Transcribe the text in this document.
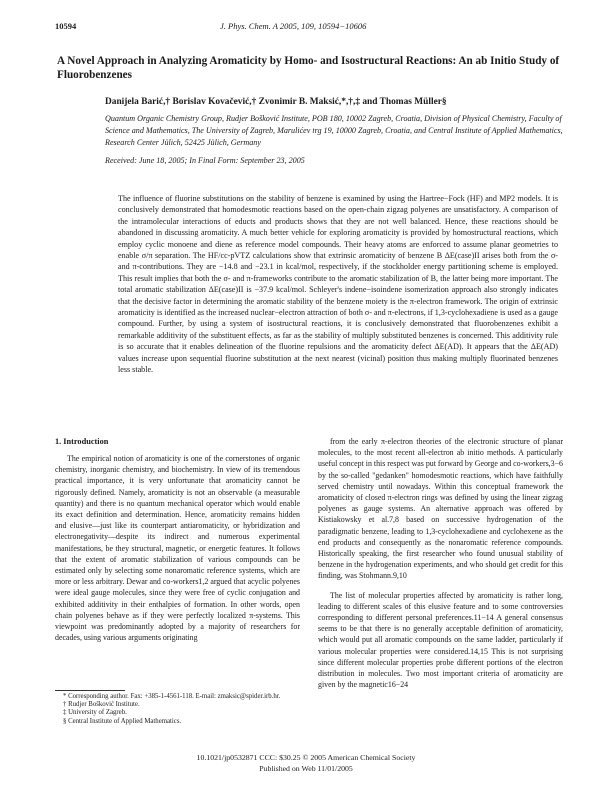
10594	J. Phys. Chem. A 2005, 109, 10594−10606
A Novel Approach in Analyzing Aromaticity by Homo- and Isostructural Reactions: An ab Initio Study of Fluorobenzenes
Danijela Barić,† Borislav Kovačević,† Zvonimir B. Maksić,*,†,‡ and Thomas Müller§

Quantum Organic Chemistry Group, Rudjer Bošković Institute, POB 180, 10002 Zagreb, Croatia, Division of Physical Chemistry, Faculty of Science and Mathematics, The University of Zagreb, Marulićev trg 19, 10000 Zagreb, Croatia, and Central Institute of Applied Mathematics, Research Center Jülich, 52425 Jülich, Germany

Received: June 18, 2005; In Final Form: September 23, 2005

The influence of fluorine substitutions on the stability of benzene is examined by using the Hartree−Fock (HF) and MP2 models. It is conclusively demonstrated that homodesmotic reactions based on the open-chain zigzag polyenes are unsatisfactory. A comparison of the intramolecular interactions of educts and products shows that they are not well balanced. Hence, these reactions should be abandoned in discussing aromaticity. A much better vehicle for exploring aromaticity is provided by homostructural reactions, which employ cyclic monoene and diene as reference model compounds. Their heavy atoms are enforced to assume planar geometries to enable σ/π separation. The HF/cc-pVTZ calculations show that extrinsic aromaticity of benzene B ΔE(case)II arises both from the σ- and π-contributions. They are −14.8 and −23.1 in kcal/mol, respectively, if the stockholder energy partitioning scheme is employed. This result implies that both the σ- and π-frameworks contribute to the aromatic stabilization of B, the latter being more important. The total aromatic stabilization ΔE(case)II is −37.9 kcal/mol. Schleyer's indene−isoindene isomerization approach also strongly indicates that the decisive factor in determining the aromatic stability of the benzene moiety is the π-electron framework. The origin of extrinsic aromaticity is identified as the increased nuclear−electron attraction of both σ- and π-electrons, if 1,3-cyclohexadiene is used as a gauge compound. Further, by using a system of isostructural reactions, it is conclusively demonstrated that fluorobenzenes exhibit a remarkable additivity of the substituent effects, as far as the stability of multiply substituted benzenes is concerned. This additivity rule is so accurate that it enables delineation of the fluorine repulsions and the aromaticity defect ΔE(AD). It appears that the ΔE(AD) values increase upon sequential fluorine substitution at the next nearest (vicinal) position thus making multiply fluorinated benzenes less stable.

1. Introduction

The empirical notion of aromaticity is one of the cornerstones of organic chemistry, inorganic chemistry, and biochemistry. In view of its tremendous practical importance, it is very unfortunate that aromaticity cannot be rigorously defined. Namely, aromaticity is not an observable (a measurable quantity) and there is no quantum mechanical operator which would enable its exact definition and determination. Hence, aromaticity remains hidden and elusive—just like its counterpart antiaromaticity, or hybridization and electronegativity—despite its indirect and numerous experimental manifestations, be they structural, magnetic, or energetic features. It follows that the extent of aromatic stabilization of various compounds can be estimated only by selecting some nonaromatic reference systems, which are more or less arbitrary. Dewar and co-workers1,2 argued that acyclic polyenes were ideal gauge molecules, since they were free of cyclic conjugation and exhibited additivity in their enthalpies of formation. In other words, open chain polyenes behave as if they were perfectly localized π-systems. This viewpoint was predominantly adopted by a majority of researchers for decades, using various arguments originating

from the early π-electron theories of the electronic structure of planar molecules, to the most recent all-electron ab initio methods. A particularly useful concept in this respect was put forward by George and co-workers,3−6 by the so-called "gedanken" homodesmotic reactions, which have faithfully served chemistry until nowadays. Within this conceptual framework the aromaticity of closed π-electron rings was defined by using the linear zigzag polyenes as gauge systems. An alternative approach was offered by Kistiakowsky et al.7,8 based on successive hydrogenation of the paradigmatic benzene, leading to 1,3-cyclohexadiene and cyclohexene as the end products and consequently as the nonaromatic reference compounds. Historically speaking, the first researcher who found unusual stability of benzene in the hydrogenation experiments, and who should get credit for this finding, was Stohmann.9,10

The list of molecular properties affected by aromaticity is rather long, leading to different scales of this elusive feature and to some controversies corresponding to different personal preferences.11−14 A general consensus seems to be that there is no generally acceptable definition of aromaticity, which would put all aromatic compounds on the same ladder, particularly if various molecular properties were considered.14,15 This is not surprising since different molecular properties probe different portions of the electron distribution in molecules. Two most important criteria of aromaticity are given by the magnetic16−24

* Corresponding author. Fax: +385-1-4561-118. E-mail: zmaksic@spider.irb.hr.

† Rudjer Bošković Institute.

‡ University of Zagreb.

§ Central Institute of Applied Mathematics.

10.1021/jp0532871 CCC: $30.25 © 2005 American Chemical Society
Published on Web 11/01/2005
